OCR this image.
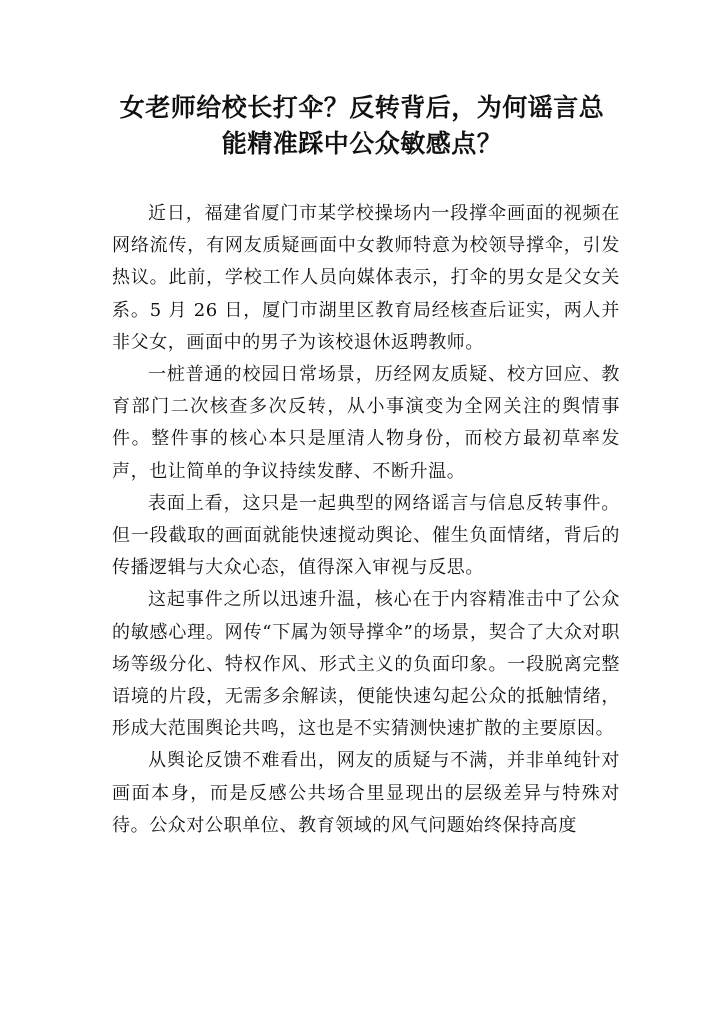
女老师给校长打伞？反转背后，为何谣言总
能精准踩中公众敏感点？

近日，福建省厦门市某学校操场内一段撑伞画面的视频在网络流传，有网友质疑画面中女教师特意为校领导撑伞，引发热议。此前，学校工作人员向媒体表示，打伞的男女是父女关系。5 月 26 日，厦门市湖里区教育局经核查后证实，两人并非父女，画面中的男子为该校退休返聘教师。

一桩普通的校园日常场景，历经网友质疑、校方回应、教育部门二次核查多次反转，从小事演变为全网关注的舆情事件。整件事的核心本只是厘清人物身份，而校方最初草率发声，也让简单的争议持续发酵、不断升温。

表面上看，这只是一起典型的网络谣言与信息反转事件。但一段截取的画面就能快速搅动舆论、催生负面情绪，背后的传播逻辑与大众心态，值得深入审视与反思。

这起事件之所以迅速升温，核心在于内容精准击中了公众的敏感心理。网传“下属为领导撑伞”的场景，契合了大众对职场等级分化、特权作风、形式主义的负面印象。一段脱离完整语境的片段，无需多余解读，便能快速勾起公众的抵触情绪，形成大范围舆论共鸣，这也是不实猜测快速扩散的主要原因。

从舆论反馈不难看出，网友的质疑与不满，并非单纯针对画面本身，而是反感公共场合里显现出的层级差异与特殊对待。公众对公职单位、教育领域的风气问题始终保持高度
